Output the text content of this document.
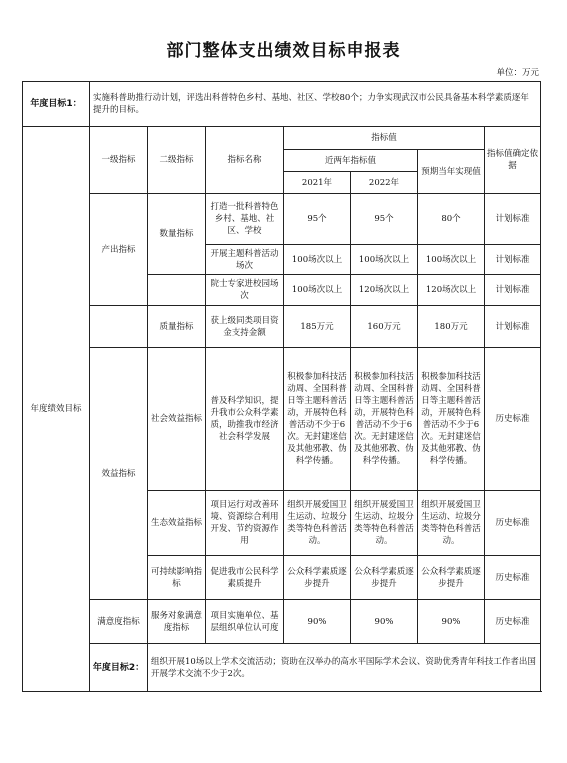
部门整体支出绩效目标申报表
单位：万元
年度目标1：	实施科普助推行动计划，评选出科普特色乡村、基地、社区、学校80个；力争实现武汉市公民具备基本科学素质逐年提升的目标。						
年度绩效目标	一级指标	二级指标	指标名称	指标值			指标值确定依据
				近两年指标值		预期当年实现值	
				2021年	2022年		
	产出指标	数量指标	打造一批科普特色乡村、基地、社区、学校	95个	95个	80个	计划标准
			开展主题科普活动场次	100场次以上	100场次以上	100场次以上	计划标准
			院士专家进校园场次	100场次以上	120场次以上	120场次以上	计划标准
		质量指标	获上级同类项目资金支持金额	185万元	160万元	180万元	计划标准
	效益指标	社会效益指标	普及科学知识，提升我市公众科学素质，助推我市经济社会科学发展	积极参加科技活动周、全国科普日等主题科普活动，开展特色科普活动不少于6次。无封建迷信及其他邪教、伪科学传播。	积极参加科技活动周、全国科普日等主题科普活动，开展特色科普活动不少于6次。无封建迷信及其他邪教、伪科学传播。	积极参加科技活动周、全国科普日等主题科普活动，开展特色科普活动不少于6次。无封建迷信及其他邪教、伪科学传播。	历史标准
		生态效益指标	项目运行对改善环境、资源综合利用开发、节约资源作用	组织开展爱国卫生运动、垃圾分类等特色科普活动。	组织开展爱国卫生运动、垃圾分类等特色科普活动。	组织开展爱国卫生运动、垃圾分类等特色科普活动。	历史标准
		可持续影响指标	促进我市公民科学素质提升	公众科学素质逐步提升	公众科学素质逐步提升	公众科学素质逐步提升	历史标准
	满意度指标	服务对象满意度指标	项目实施单位、基层组织单位认可度	90%	90%	90%	历史标准
	年度目标2：	组织开展10场以上学术交流活动；资助在汉举办的高水平国际学术会议、资助优秀青年科技工作者出国开展学术交流不少于2次。					
